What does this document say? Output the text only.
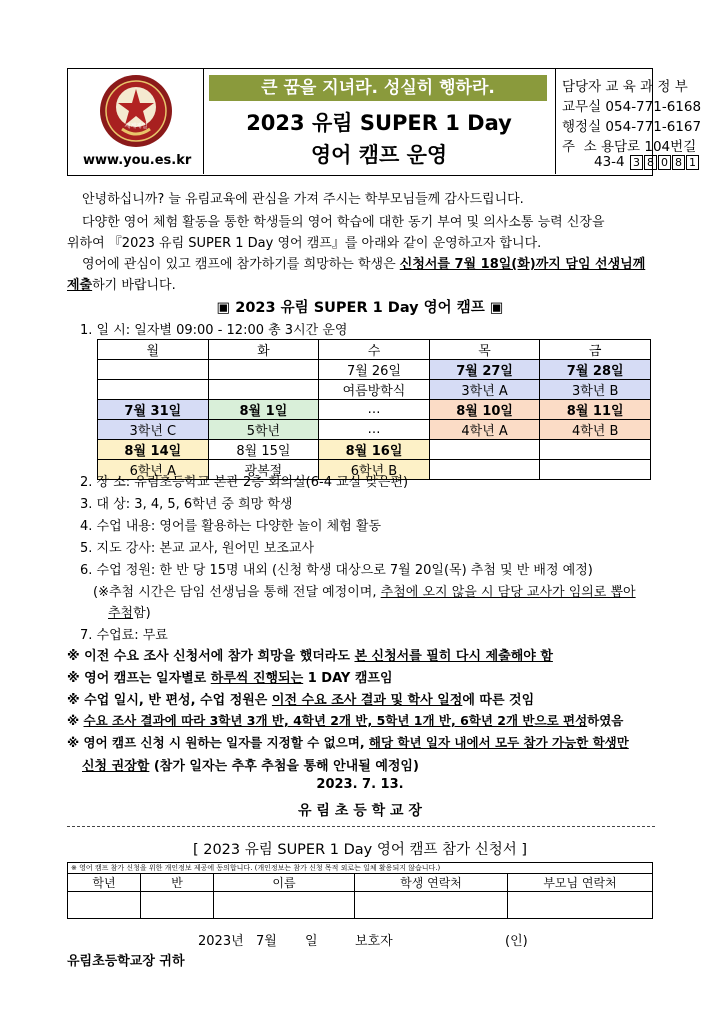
세계제일
www.you.es.kr
큰 꿈을 지녀라. 성실히 행하라.
2023 유림 SUPER 1 Day
영어 캠프 운영
담당자 교 육 과 정 부
교무실 054-771-6168
행정실 054-771-6167
주  소 용담로 104번길
43-4 3 8 0 8 1

안녕하십니까? 늘 유림교육에 관심을 가져 주시는 학부모님들께 감사드립니다.

다양한 영어 체험 활동을 통한 학생들의 영어 학습에 대한 동기 부여 및 의사소통 능력 신장을

위하여 『2023 유림 SUPER 1 Day 영어 캠프』를 아래와 같이 운영하고자 합니다.

영어에 관심이 있고 캠프에 참가하기를 희망하는 학생은 신청서를 7월 18일(화)까지 담임 선생님께

제출하기 바랍니다.

▣ 2023 유림 SUPER 1 Day 영어 캠프 ▣

1. 일 시: 일자별 09:00 - 12:00 총 3시간 운영

월	화	수	목	금
		7월 26일	7월 27일	7월 28일
		여름방학식	3학년 A	3학년 B
7월 31일	8월 1일	…	8월 10일	8월 11일
3학년 C	5학년	…	4학년 A	4학년 B
8월 14일	8월 15일	8월 16일		
6학년 A	광복절	6학년 B		

2. 장 소: 유림초등학교 본관 2층 회의실(6-4 교실 맞은편)

3. 대 상: 3, 4, 5, 6학년 중 희망 학생

4. 수업 내용: 영어를 활용하는 다양한 놀이 체험 활동

5. 지도 강사: 본교 교사, 원어민 보조교사

6. 수업 정원: 한 반 당 15명 내외 (신청 학생 대상으로 7월 20일(목) 추첨 및 반 배정 예정)

(※추첨 시간은 담임 선생님을 통해 전달 예정이며, 추첨에 오지 않을 시 담당 교사가 임의로 뽑아

추첨함)

7. 수업료: 무료

※ 이전 수요 조사 신청서에 참가 희망을 했더라도 본 신청서를 필히 다시 제출해야 함

※ 영어 캠프는 일자별로 하루씩 진행되는 1 DAY 캠프임

※ 수업 일시, 반 편성, 수업 정원은 이전 수요 조사 결과 및 학사 일정에 따른 것임

※ 수요 조사 결과에 따라 3학년 3개 반, 4학년 2개 반, 5학년 1개 반, 6학년 2개 반으로 편성하였음

※ 영어 캠프 신청 시 원하는 일자를 지정할 수 없으며, 해당 학년 일자 내에서 모두 참가 가능한 학생만

신청 권장함 (참가 일자는 추후 추첨을 통해 안내될 예정임)

2023. 7. 13.

유 림 초 등 학 교 장

[ 2023 유림 SUPER 1 Day 영어 캠프 참가 신청서 ]

※ 영어 캠프 참가 신청을 위한 개인정보 제공에 동의합니다. (개인정보는 참가 신청 목적 외로는 일체 활용되지 않습니다.)				
학년	반	이름	학생 연락처	부모님 연락처

2023년 7월 일	보호자	(인)

유림초등학교장 귀하
